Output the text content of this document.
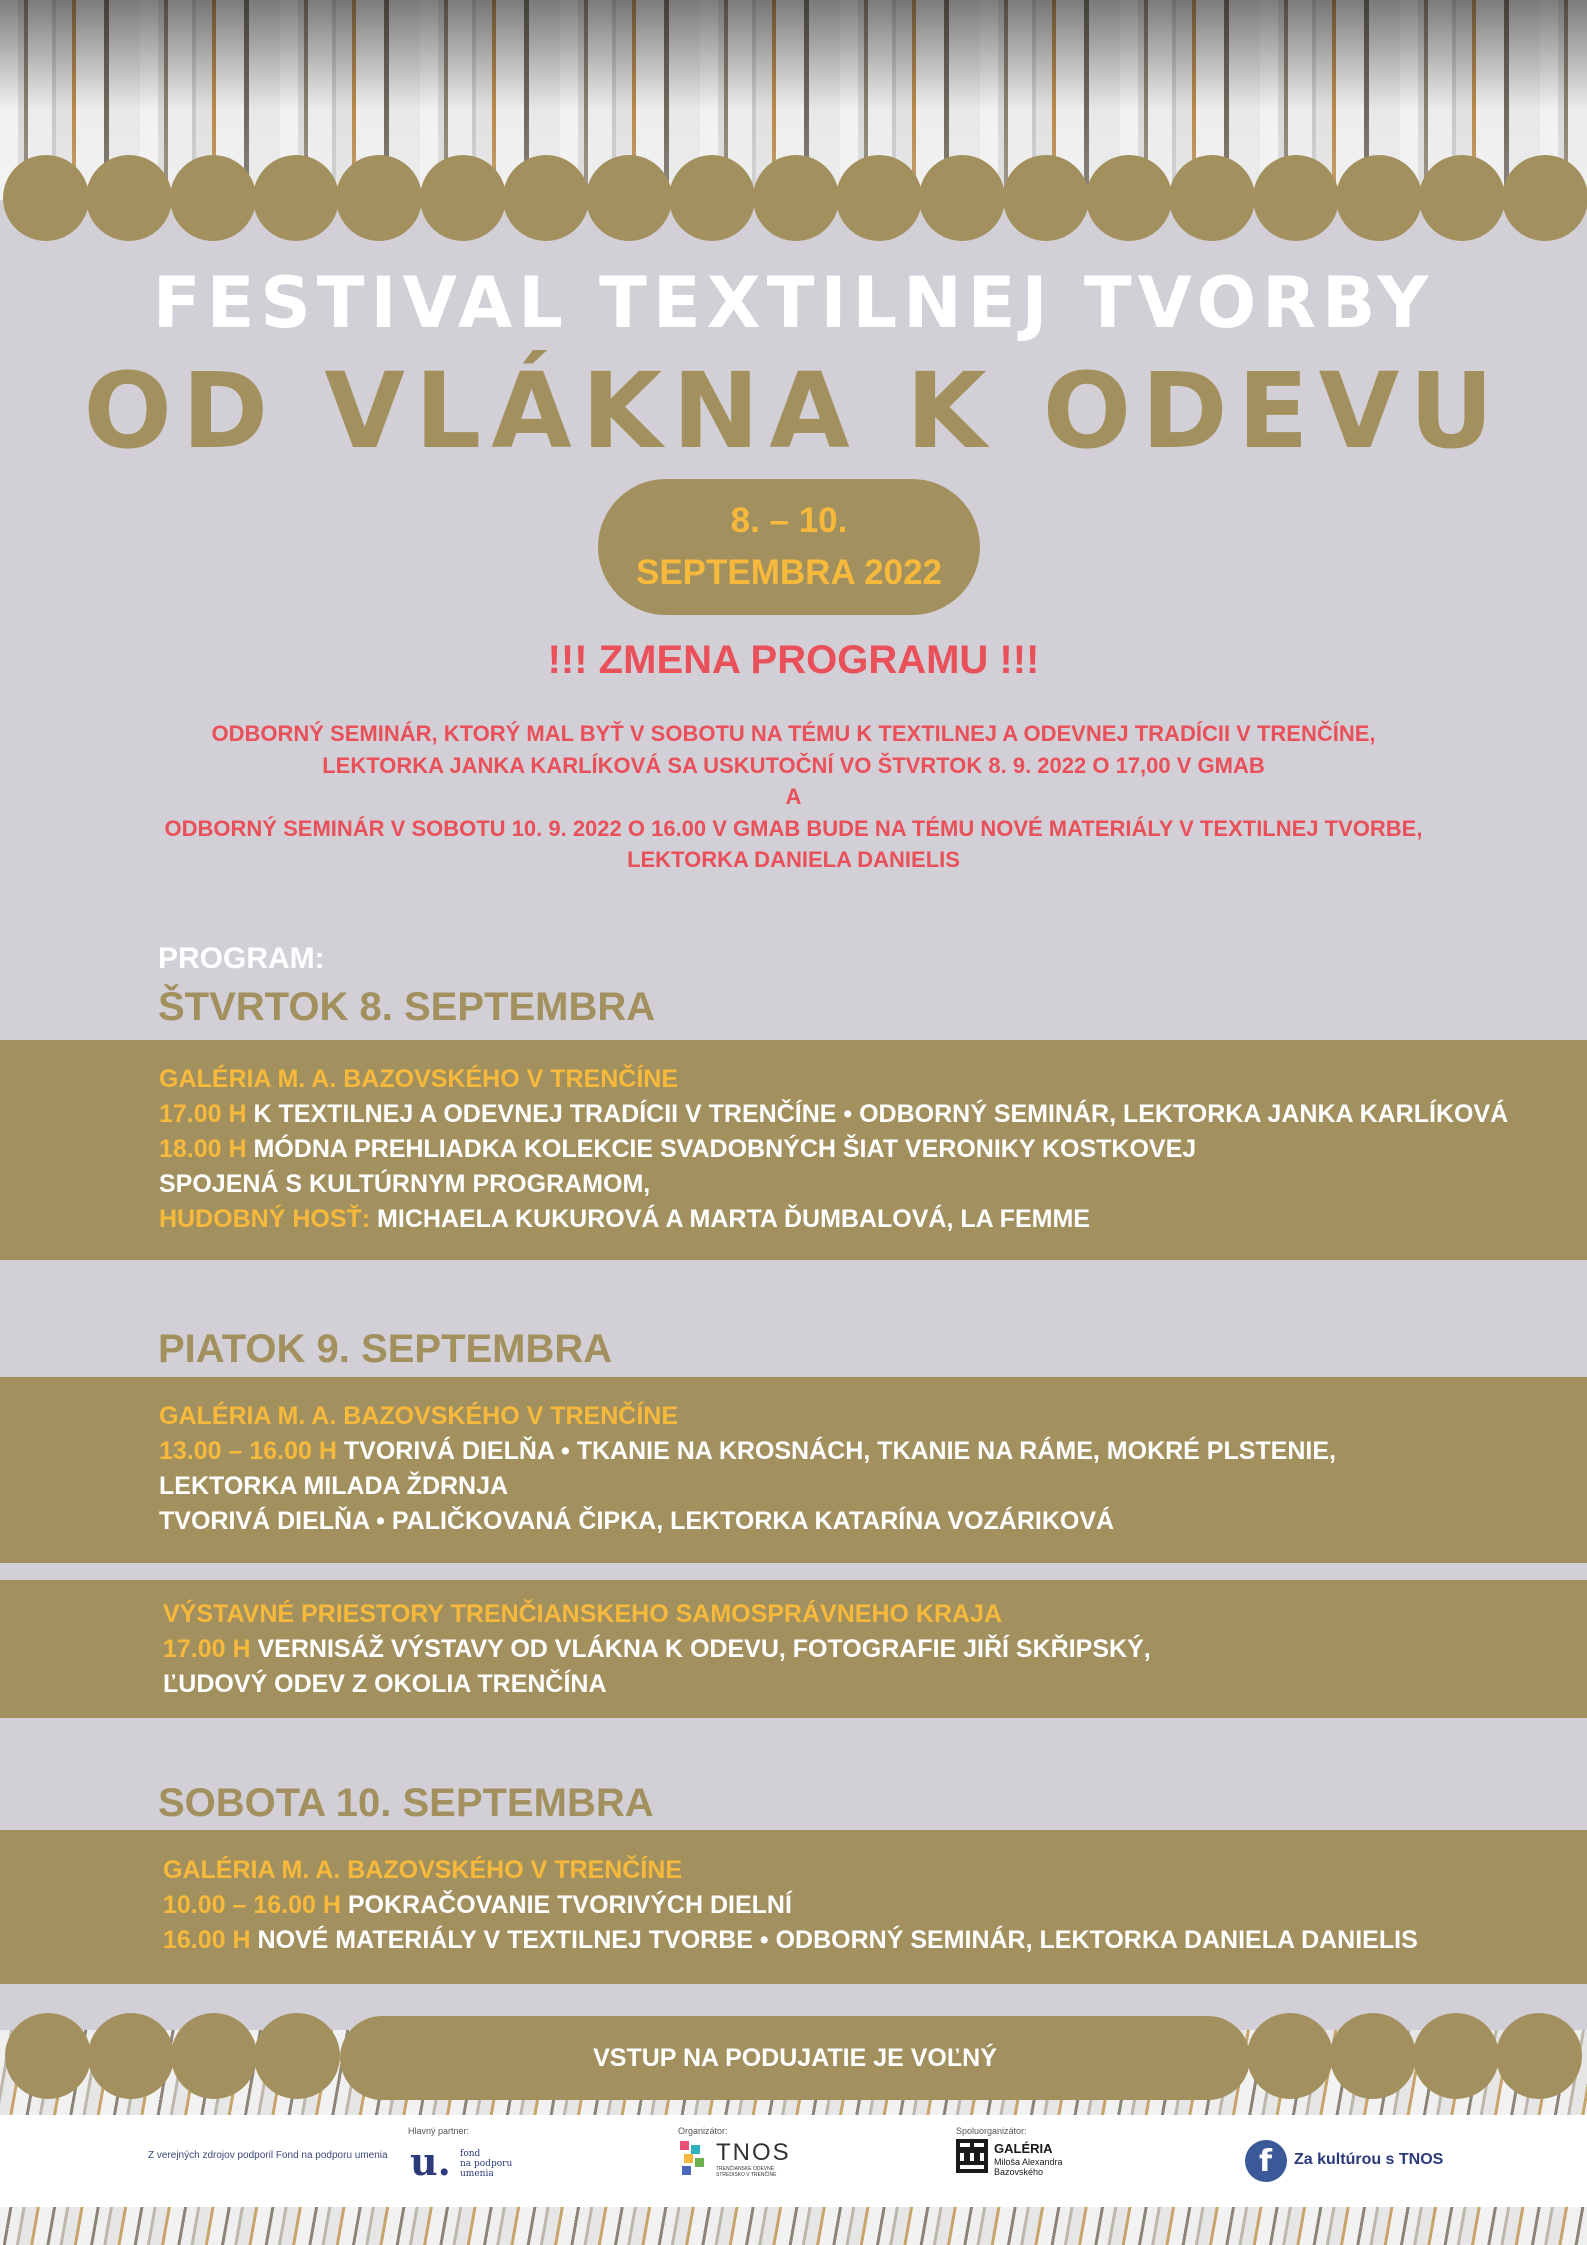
FESTIVAL TEXTILNEJ TVORBY
OD VLÁKNA K ODEVU
8. – 10.
SEPTEMBRA 2022
!!! ZMENA PROGRAMU !!!
ODBORNÝ SEMINÁR, KTORÝ MAL BYŤ V SOBOTU NA TÉMU K TEXTILNEJ A ODEVNEJ TRADÍCII V TRENČÍNE,
LEKTORKA JANKA KARLÍKOVÁ SA USKUTOČNÍ VO ŠTVRTOK 8. 9. 2022 O 17,00 V GMAB
A
ODBORNÝ SEMINÁR V SOBOTU 10. 9. 2022 O 16.00 V GMAB BUDE NA TÉMU NOVÉ MATERIÁLY V TEXTILNEJ TVORBE,
LEKTORKA DANIELA DANIELIS
PROGRAM:
ŠTVRTOK 8. SEPTEMBRA
GALÉRIA M. A. BAZOVSKÉHO V TRENČÍNE
17.00 H K TEXTILNEJ A ODEVNEJ TRADÍCII V TRENČÍNE • ODBORNÝ SEMINÁR, LEKTORKA JANKA KARLÍKOVÁ
18.00 H MÓDNA PREHLIADKA KOLEKCIE SVADOBNÝCH ŠIAT VERONIKY KOSTKOVEJ
SPOJENÁ S KULTÚRNYM PROGRAMOM,
HUDOBNÝ HOSŤ: MICHAELA KUKUROVÁ A MARTA ĎUMBALOVÁ, LA FEMME
PIATOK 9. SEPTEMBRA
GALÉRIA M. A. BAZOVSKÉHO V TRENČÍNE
13.00 – 16.00 H TVORIVÁ DIELŇA • TKANIE NA KROSNÁCH, TKANIE NA RÁME, MOKRÉ PLSTENIE,
LEKTORKA MILADA ŽDRNJA
TVORIVÁ DIELŇA • PALIČKOVANÁ ČIPKA, LEKTORKA KATARÍNA VOZÁRIKOVÁ
VÝSTAVNÉ PRIESTORY TRENČIANSKEHO SAMOSPRÁVNEHO KRAJA
17.00 H VERNISÁŽ VÝSTAVY OD VLÁKNA K ODEVU, FOTOGRAFIE JIŘÍ SKŘIPSKÝ,
ĽUDOVÝ ODEV Z OKOLIA TRENČÍNA
SOBOTA 10. SEPTEMBRA
GALÉRIA M. A. BAZOVSKÉHO V TRENČÍNE
10.00 – 16.00 H POKRAČOVANIE TVORIVÝCH DIELNÍ
16.00 H NOVÉ MATERIÁLY V TEXTILNEJ TVORBE • ODBORNÝ SEMINÁR, LEKTORKA DANIELA DANIELIS
VSTUP NA PODUJATIE JE VOĽNÝ
Z verejných zdrojov podporil Fond na podporu umenia
Hlavný partner:
u. fond
na podporu
umenia
Organizátor:
TNOS
TRENČIANSKE ODEVNÉ
STREDISKO V TRENČÍNE
Spoluorganizátor:
GALÉRIA
Miloša Alexandra
Bazovského	f Za kultúrou s TNOS
